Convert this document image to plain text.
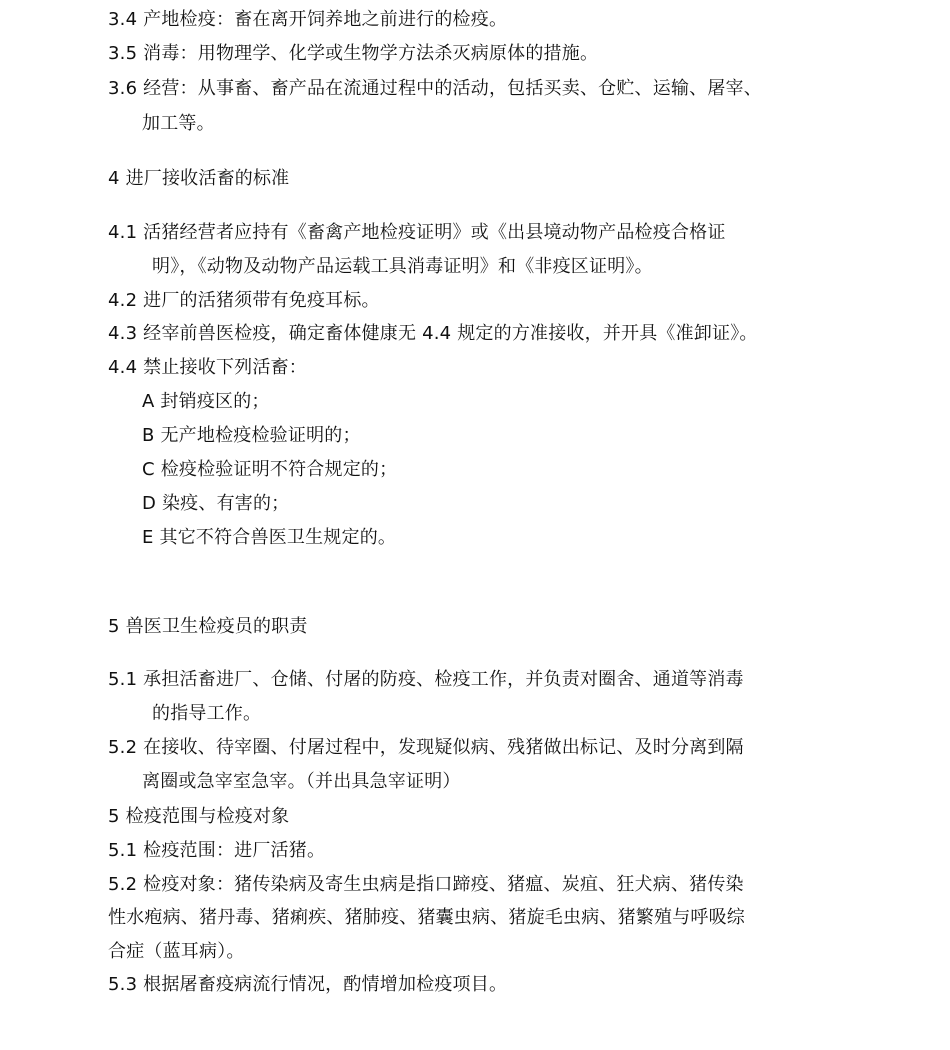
3.4 产地检疫：畜在离开饲养地之前进行的检疫。
3.5 消毒：用物理学、化学或生物学方法杀灭病原体的措施。
3.6 经营：从事畜、畜产品在流通过程中的活动，包括买卖、仓贮、运输、屠宰、
加工等。
4 进厂接收活畜的标准
4.1 活猪经营者应持有《畜禽产地检疫证明》或《出县境动物产品检疫合格证
明》，《动物及动物产品运载工具消毒证明》和《非疫区证明》。
4.2 进厂的活猪须带有免疫耳标。
4.3 经宰前兽医检疫，确定畜体健康无 4.4 规定的方准接收，并开具《准卸证》。
4.4 禁止接收下列活畜：
A 封销疫区的；
B 无产地检疫检验证明的；
C 检疫检验证明不符合规定的；
D 染疫、有害的；
E 其它不符合兽医卫生规定的。
5 兽医卫生检疫员的职责
5.1 承担活畜进厂、仓储、付屠的防疫、检疫工作，并负责对圈舍、通道等消毒
的指导工作。
5.2 在接收、待宰圈、付屠过程中，发现疑似病、残猪做出标记、及时分离到隔
离圈或急宰室急宰。（并出具急宰证明）
5 检疫范围与检疫对象
5.1 检疫范围：进厂活猪。
5.2 检疫对象：猪传染病及寄生虫病是指口蹄疫、猪瘟、炭疽、狂犬病、猪传染
性水疱病、猪丹毒、猪痢疾、猪肺疫、猪囊虫病、猪旋毛虫病、猪繁殖与呼吸综
合症（蓝耳病）。
5.3 根据屠畜疫病流行情况，酌情增加检疫项目。
